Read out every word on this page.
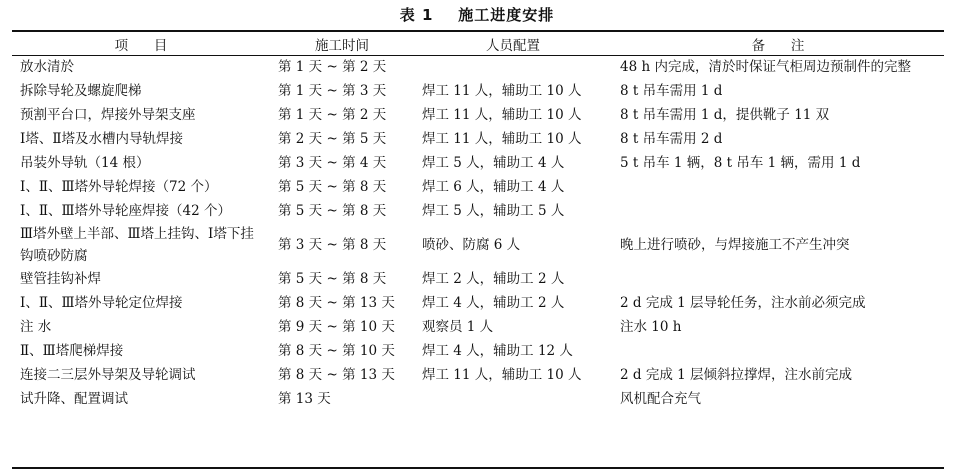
表 1    施工进度安排
项      目	施工时间	人员配置	备      注
放水清於	第 1 天 ~ 第 2 天		48 h 内完成，清於时保证气柜周边预制件的完整
拆除导轮及螺旋爬梯	第 1 天 ~ 第 3 天	焊工 11 人，辅助工 10 人	8 t 吊车需用 1 d
预割平台口，焊接外导架支座	第 1 天 ~ 第 2 天	焊工 11 人，辅助工 10 人	8 t 吊车需用 1 d，提供靴子 11 双
Ⅰ塔、Ⅱ塔及水槽内导轨焊接	第 2 天 ~ 第 5 天	焊工 11 人，辅助工 10 人	8 t 吊车需用 2 d
吊装外导轨（14 根）	第 3 天 ~ 第 4 天	焊工 5 人，辅助工 4 人	5 t 吊车 1 辆，8 t 吊车 1 辆，需用 1 d
Ⅰ、Ⅱ、Ⅲ塔外导轮焊接（72 个）	第 5 天 ~ 第 8 天	焊工 6 人，辅助工 4 人	
Ⅰ、Ⅱ、Ⅲ塔外导轮座焊接（42 个）	第 5 天 ~ 第 8 天	焊工 5 人，辅助工 5 人	
Ⅲ塔外壁上半部、Ⅲ塔上挂钩、Ⅰ塔下挂钩喷砂防腐	第 3 天 ~ 第 8 天	喷砂、防腐 6 人	晚上进行喷砂，与焊接施工不产生冲突
壁管挂钩补焊	第 5 天 ~ 第 8 天	焊工 2 人，辅助工 2 人	
Ⅰ、Ⅱ、Ⅲ塔外导轮定位焊接	第 8 天 ~ 第 13 天	焊工 4 人，辅助工 2 人	2 d 完成 1 层导轮任务，注水前必须完成
注 水	第 9 天 ~ 第 10 天	观察员 1 人	注水 10 h
Ⅱ、Ⅲ塔爬梯焊接	第 8 天 ~ 第 10 天	焊工 4 人，辅助工 12 人	
连接二三层外导架及导轮调试	第 8 天 ~ 第 13 天	焊工 11 人，辅助工 10 人	2 d 完成 1 层倾斜拉撑焊，注水前完成
试升降、配置调试	第 13 天		风机配合充气
